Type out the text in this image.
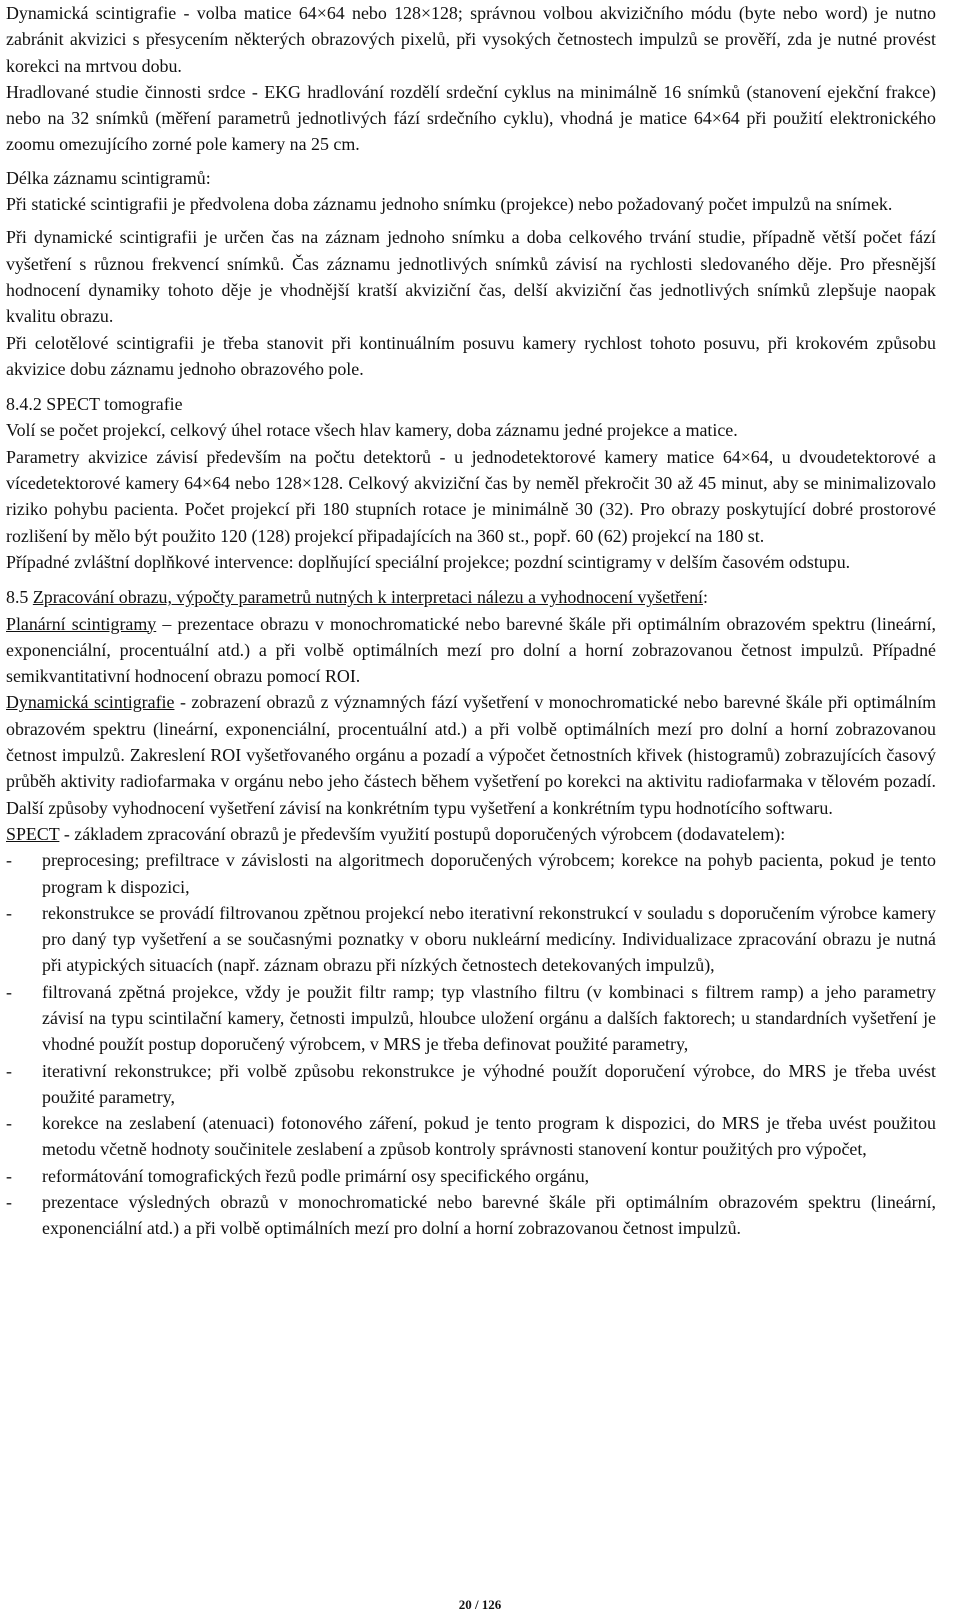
Dynamická scintigrafie - volba matice 64×64 nebo 128×128; správnou volbou akvizičního módu (byte nebo word) je nutno zabránit akvizici s přesycením některých obrazových pixelů, při vysokých četnostech impulzů se prověří, zda je nutné provést korekci na mrtvou dobu.

Hradlované studie činnosti srdce - EKG hradlování rozdělí srdeční cyklus na minimálně 16 snímků (stanovení ejekční frakce) nebo na 32 snímků (měření parametrů jednotlivých fází srdečního cyklu), vhodná je matice 64×64 při použití elektronického zoomu omezujícího zorné pole kamery na 25 cm.

Délka záznamu scintigramů:

Při statické scintigrafii je předvolena doba záznamu jednoho snímku (projekce) nebo požadovaný počet impulzů na snímek.

Při dynamické scintigrafii je určen čas na záznam jednoho snímku a doba celkového trvání studie, případně větší počet fází vyšetření s různou frekvencí snímků. Čas záznamu jednotlivých snímků závisí na rychlosti sledovaného děje. Pro přesnější hodnocení dynamiky tohoto děje je vhodnější kratší akviziční čas, delší akviziční čas jednotlivých snímků zlepšuje naopak kvalitu obrazu.

Při celotělové scintigrafii je třeba stanovit při kontinuálním posuvu kamery rychlost tohoto posuvu, při krokovém způsobu akvizice dobu záznamu jednoho obrazového pole.

8.4.2 SPECT tomografie

Volí se počet projekcí, celkový úhel rotace všech hlav kamery, doba záznamu jedné projekce a matice.

Parametry akvizice závisí především na počtu detektorů - u jednodetektorové kamery matice 64×64, u dvoudetektorové a vícedetektorové kamery 64×64 nebo 128×128. Celkový akviziční čas by neměl překročit 30 až 45 minut, aby se minimalizovalo riziko pohybu pacienta. Počet projekcí při 180 stupních rotace je minimálně 30 (32). Pro obrazy poskytující dobré prostorové rozlišení by mělo být použito 120 (128) projekcí připadajících na 360 st., popř. 60 (62) projekcí na 180 st.

Případné zvláštní doplňkové intervence: doplňující speciální projekce; pozdní scintigramy v delším časovém odstupu.

8.5 Zpracování obrazu, výpočty parametrů nutných k interpretaci nálezu a vyhodnocení vyšetření:

Planární scintigramy – prezentace obrazu v monochromatické nebo barevné škále při optimálním obrazovém spektru (lineární, exponenciální, procentuální atd.) a při volbě optimálních mezí pro dolní a horní zobrazovanou četnost impulzů. Případné semikvantitativní hodnocení obrazu pomocí ROI.

Dynamická scintigrafie - zobrazení obrazů z významných fází vyšetření v monochromatické nebo barevné škále při optimálním obrazovém spektru (lineární, exponenciální, procentuální atd.) a při volbě optimálních mezí pro dolní a horní zobrazovanou četnost impulzů. Zakreslení ROI vyšetřovaného orgánu a pozadí a výpočet četnostních křivek (histogramů) zobrazujících časový průběh aktivity radiofarmaka v orgánu nebo jeho částech během vyšetření po korekci na aktivitu radiofarmaka v tělovém pozadí. Další způsoby vyhodnocení vyšetření závisí na konkrétním typu vyšetření a konkrétním typu hodnotícího softwaru.

SPECT - základem zpracování obrazů je především využití postupů doporučených výrobcem (dodavatelem):

-	preprocesing; prefiltrace v závislosti na algoritmech doporučených výrobcem; korekce na pohyb pacienta, pokud je tento program k dispozici,
-	rekonstrukce se provádí filtrovanou zpětnou projekcí nebo iterativní rekonstrukcí v souladu s doporučením výrobce kamery pro daný typ vyšetření a se současnými poznatky v oboru nukleární medicíny. Individualizace zpracování obrazu je nutná při atypických situacích (např. záznam obrazu při nízkých četnostech detekovaných impulzů),
-	filtrovaná zpětná projekce, vždy je použit filtr ramp; typ vlastního filtru (v kombinaci s filtrem ramp) a jeho parametry závisí na typu scintilační kamery, četnosti impulzů, hloubce uložení orgánu a dalších faktorech; u standardních vyšetření je vhodné použít postup doporučený výrobcem, v MRS je třeba definovat použité parametry,
-	iterativní rekonstrukce; při volbě způsobu rekonstrukce je výhodné použít doporučení výrobce, do MRS je třeba uvést použité parametry,
-	korekce na zeslabení (atenuaci) fotonového záření, pokud je tento program k dispozici, do MRS je třeba uvést použitou metodu včetně hodnoty součinitele zeslabení a způsob kontroly správnosti stanovení kontur použitých pro výpočet,
-	reformátování tomografických řezů podle primární osy specifického orgánu,
-	prezentace výsledných obrazů v monochromatické nebo barevné škále při optimálním obrazovém spektru (lineární, exponenciální atd.) a při volbě optimálních mezí pro dolní a horní zobrazovanou četnost impulzů.
20 / 126
